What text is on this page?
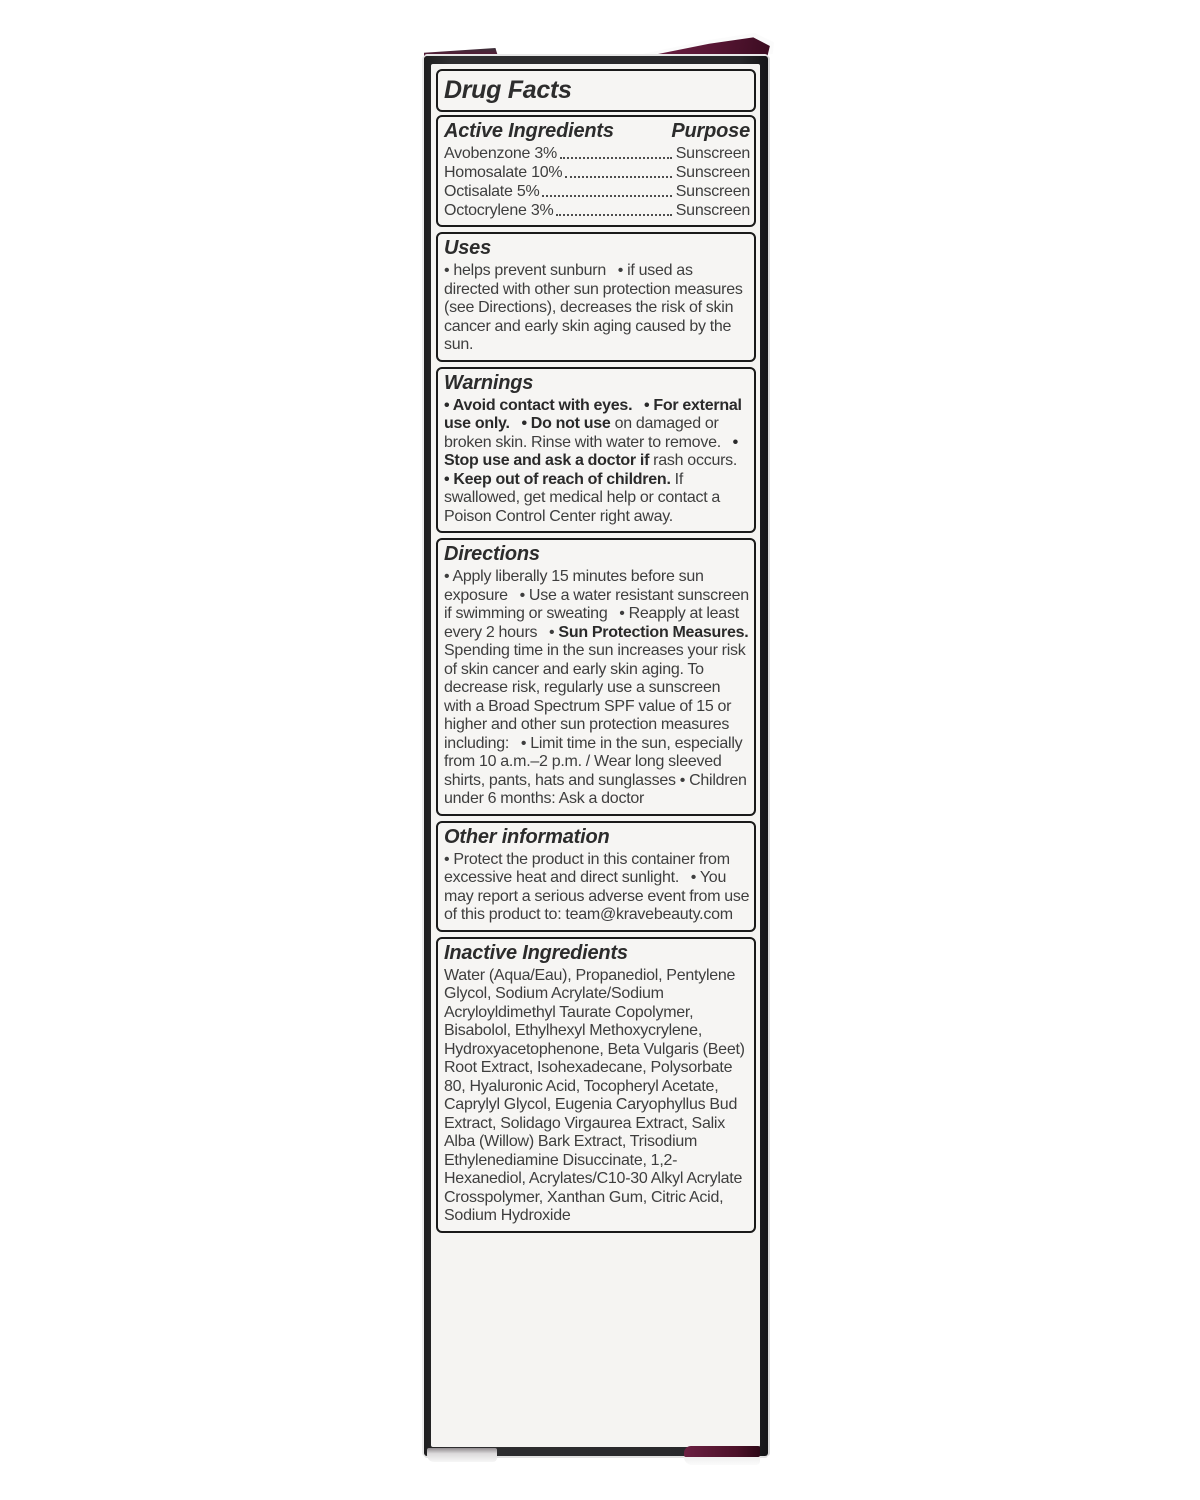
Drug Facts
Active Ingredients	Purpose
Avobenzone 3%	Sunscreen
Homosalate 10%	Sunscreen
Octisalate 5%	Sunscreen
Octocrylene 3%	Sunscreen
Uses

• helps prevent sunburn  • if used as directed with other sun protection measures (see Directions), decreases the risk of skin cancer and early skin aging caused by the sun.

Warnings

• Avoid contact with eyes.  • For external use only.  • Do not use on damaged or broken skin. Rinse with water to remove.  • Stop use and ask a doctor if rash occurs.  • Keep out of reach of children. If swallowed, get medical help or contact a Poison Control Center right away.

Directions

• Apply liberally 15 minutes before sun exposure  • Use a water resistant sunscreen if swimming or sweating  • Reapply at least every 2 hours  • Sun Protection Measures. Spending time in the sun increases your risk of skin cancer and early skin aging. To decrease risk, regularly use a sunscreen with a Broad Spectrum SPF value of 15 or higher and other sun protection measures including:  • Limit time in the sun, especially from 10 a.m.–2 p.m. / Wear long sleeved shirts, pants, hats and sunglasses • Children under 6 months: Ask a doctor

Other information

• Protect the product in this container from excessive heat and direct sunlight.  • You may report a serious adverse event from use of this product to: team@kravebeauty.com

Inactive Ingredients

Water (Aqua/Eau), Propanediol, Pentylene Glycol, Sodium Acrylate/Sodium Acryloyldimethyl Taurate Copolymer, Bisabolol, Ethylhexyl Methoxycrylene, Hydroxyacetophenone, Beta Vulgaris (Beet) Root Extract, Isohexadecane, Polysorbate 80, Hyaluronic Acid, Tocopheryl Acetate, Caprylyl Glycol, Eugenia Caryophyllus Bud Extract, Solidago Virgaurea Extract, Salix Alba (Willow) Bark Extract, Trisodium Ethylenediamine Disuccinate, 1,2-Hexanediol, Acrylates/C10-30 Alkyl Acrylate Crosspolymer, Xanthan Gum, Citric Acid, Sodium Hydroxide
